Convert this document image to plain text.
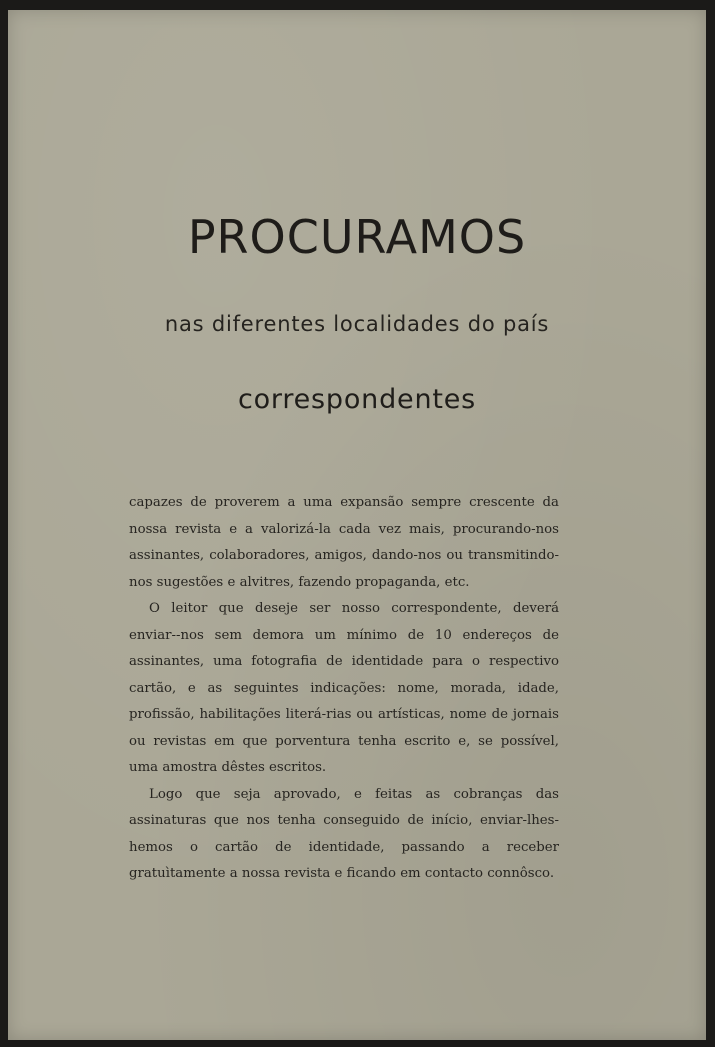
PROCURAMOS
nas diferentes localidades do país
correspondentes

capazes de proverem a uma expansão sempre crescente da nossa revista e a valorizá-la cada vez mais, procurando-nos assinantes, colaboradores, amigos, dando-nos ou transmitindo-nos sugestões e alvitres, fazendo propaganda, etc.

O leitor que deseje ser nosso correspondente, deverá enviar--nos sem demora um mínimo de 10 endereços de assinantes, uma fotografia de identidade para o respectivo cartão, e as seguintes indicações: nome, morada, idade, profissão, habilitações literá-rias ou artísticas, nome de jornais ou revistas em que porventura tenha escrito e, se possível, uma amostra dêstes escritos.

Logo que seja aprovado, e feitas as cobranças das assinaturas que nos tenha conseguido de início, enviar-lhes-hemos o cartão de identidade, passando a receber gratuìtamente a nossa revista e ficando em contacto connôsco.
